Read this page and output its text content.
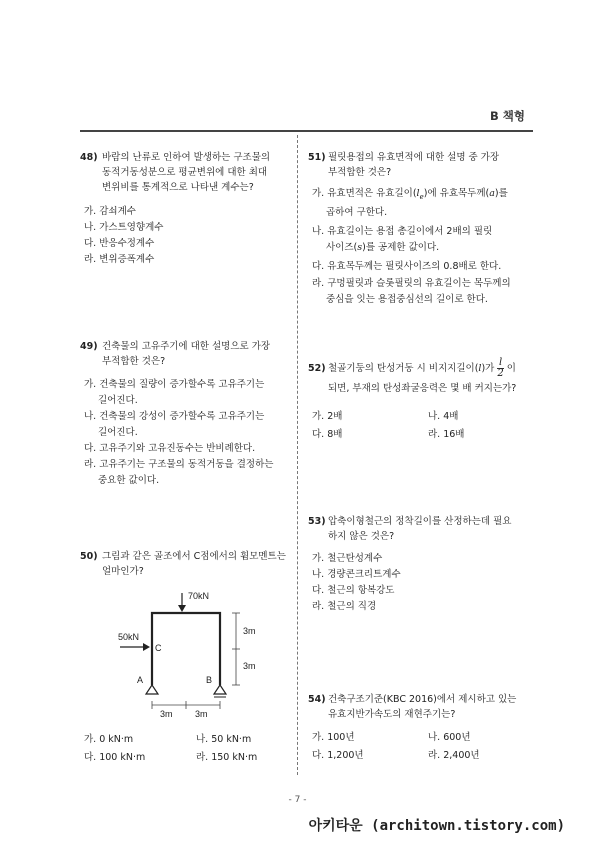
B 책형
48) 바람의 난류로 인하여 발생하는 구조물의
동적거동성분으로 평균변위에 대한 최대
변위비를 통계적으로 나타낸 계수는?
가. 감쇠계수
나. 가스트영향계수
다. 반응수정계수
라. 변위증폭계수
49) 건축물의 고유주기에 대한 설명으로 가장
부적합한 것은?
가. 건축물의 질량이 증가할수록 고유주기는
길어진다.
나. 건축물의 강성이 증가할수록 고유주기는
길어진다.
다. 고유주기와 고유진동수는 반비례한다.
라. 고유주기는 구조물의 동적거동을 결정하는
중요한 값이다.
50) 그림과 같은 골조에서 C점에서의 휨모멘트는
얼마인가?
70kN
50kN
C
A	B
3m
3m
3m 3m
가. 0 kN·m	나. 50 kN·m
다. 100 kN·m	라. 150 kN·m
51) 필릿용접의 유효면적에 대한 설명 중 가장
부적합한 것은?
가. 유효면적은 유효길이$(l_e)$에 유효목두께(a)를
곱하여 구한다.
나. 유효길이는 용접 총길이에서 2배의 필릿
사이즈(s)를 공제한 값이다.
다. 유효목두께는 필릿사이즈의 0.8배로 한다.
라. 구멍필릿과 슬롯필릿의 유효길이는 목두께의
중심을 잇는 용접중심선의 길이로 한다.
52) 철골기둥의 탄성거동 시 비지지길이( l )가 $\frac{l}{2}$ 이
되면, 부재의 탄성좌굴응력은 몇 배 커지는가?
가. 2배	나. 4배
다. 8배	라. 16배
53) 압축이형철근의 정착길이를 산정하는데 필요
하지 않은 것은?
가. 철근탄성계수
나. 경량콘크리트계수
다. 철근의 항복강도
라. 철근의 직경
54) 건축구조기준(KBC 2016)에서 제시하고 있는
유효지반가속도의 재현주기는?
가. 100년	나. 600년
다. 1,200년	라. 2,400년
- 7 -
아키타운 (architown.tistory.com)
